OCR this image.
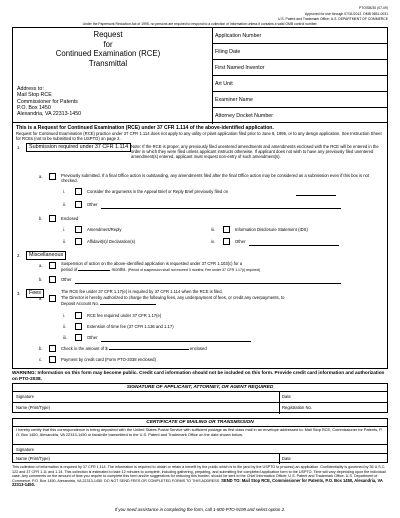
PTO/SB/30 (07-09)
Approved for use through 07/31/2012. OMB 0651-0031
U.S. Patent and Trademark Office; U.S. DEPARTMENT OF COMMERCE
Under the Paperwork Reduction Act of 1995, no persons are required to respond to a collection of information unless it contains a valid OMB control number.
Request
for
Continued Examination (RCE)
Transmittal
Address to:
Mail Stop RCE
Commissioner for Patents
P.O. Box 1450
Alexandria, VA 22313-1450
Application Number
Filing Date
First Named Inventor
Art Unit
Examiner Name
Attorney Docket Number
This is a Request for Continued Examination (RCE) under 37 CFR 1.114 of the above-identified application.
Request for Continued Examination (RCE) practice under 37 CFR 1.114 does not apply to any utility or plant application filed prior to June 8, 1995, or to any design application. See Instruction Sheet for RCEs (not to be submitted to the USPTO) on page 2.
1.	Submission required under 37 CFR 1.114 Note: If the RCE is proper, any previously filed unentered amendments and amendments enclosed with the RCE will be entered in the order in which they were filed unless applicant instructs otherwise. If applicant does not wish to have any previously filed unentered amendment(s) entered, applicant must request non-entry of such amendment(s).
a.	Previously submitted. If a final Office action is outstanding, any amendments filed after the final Office action may be considered as a submission even if this box is not checked.
i.	Consider the arguments in the Appeal Brief or Reply Brief previously filed on
ii.	Other
b.	Enclosed
i.	Amendment/Reply	iii.	Information Disclosure Statement (IDS)
ii.	Affidavit(s)/ Declaration(s)	iv.	Other
2.	Miscellaneous
a.	Suspension of action on the above-identified application is requested under 37 CFR 1.103(c) for a
period of	months. (Period of suspension shall not exceed 3 months; Fee under 37 CFR 1.17(i) required)
b.	Other
3.	Fees	The RCE fee under 37 CFR 1.17(e) is required by 37 CFR 1.114 when the RCE is filed.
a.	The Director is hereby authorized to charge the following fees, any underpayment of fees, or credit any overpayments, to
Deposit Account No.
i.	RCE fee required under 37 CFR 1.17(e)
ii.	Extension of time fee (37 CFR 1.136 and 1.17)
iii.	Other
b.	Check in the amount of $	enclosed
c.	Payment by credit card (Form PTO-2038 enclosed)
WARNING: Information on this form may become public. Credit card information should not be included on this form. Provide credit card information and authorization on PTO-2038.
SIGNATURE OF APPLICANT, ATTORNEY, OR AGENT REQUIRED
Signature	Date
Name (Print/Type)	Registration No.
CERTIFICATE OF MAILING OR TRANSMISSION
I hereby certify that this correspondence is being deposited with the United States Postal Service with sufficient postage as first class mail in an envelope addressed to: Mail Stop RCE, Commissioner for Patents, P. O. Box 1450, Alexandria, VA 22313-1450 or facsimile transmitted to the U.S. Patent and Trademark Office on the date shown below.
Signature
Name (Print/Type)	Date
This collection of information is required by 37 CFR 1.114. The information is required to obtain or retain a benefit by the public which is to file (and by the USPTO to process) an application. Confidentiality is governed by 35 U.S.C. 122 and 37 CFR 1.11 and 1.14. This collection is estimated to take 12 minutes to complete, including gathering, preparing, and submitting the completed application form to the USPTO. Time will vary depending upon the individual case. Any comments on the amount of time you require to complete this form and/or suggestions for reducing this burden, should be sent to the Chief Information Officer, U.S. Patent and Trademark Office, U.S. Department of Commerce, P.O. Box 1450, Alexandria, VA 22313-1450. DO NOT SEND FEES OR COMPLETED FORMS TO THIS ADDRESS. SEND TO: Mail Stop RCE, Commissioner for Patents, P.O. Box 1450, Alexandria, VA 22313-1450.
If you need assistance in completing the form, call 1-800-PTO-9199 and select option 2.
